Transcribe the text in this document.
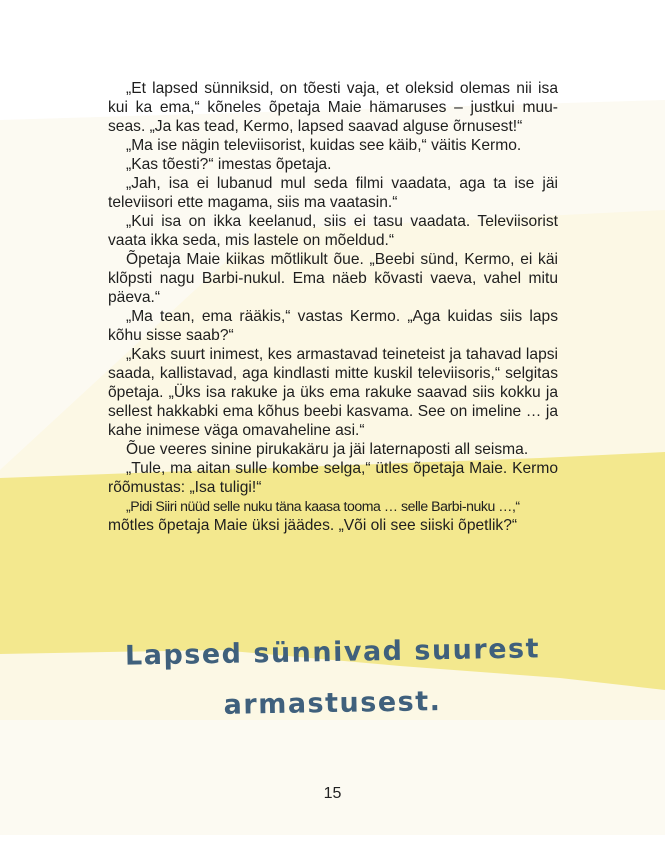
„Et lapsed sünniksid, on tõesti vaja, et oleksid olemas nii isa kui ka ema,“ kõneles õpetaja Maie hämaruses – justkui muu-seas. „Ja kas tead, Kermo, lapsed saavad alguse õrnusest!“

„Ma ise nägin televiisorist, kuidas see käib,“ väitis Kermo.

„Kas tõesti?“ imestas õpetaja.

„Jah, isa ei lubanud mul seda filmi vaadata, aga ta ise jäi televiisori ette magama, siis ma vaatasin.“

„Kui isa on ikka keelanud, siis ei tasu vaadata. Televiisorist vaata ikka seda, mis lastele on mõeldud.“

Õpetaja Maie kiikas mõtlikult õue. „Beebi sünd, Kermo, ei käi klõpsti nagu Barbi-nukul. Ema näeb kõvasti vaeva, vahel mitu päeva.“

„Ma tean, ema rääkis,“ vastas Kermo. „Aga kuidas siis laps kõhu sisse saab?“

„Kaks suurt inimest, kes armastavad teineteist ja tahavad lapsi saada, kallistavad, aga kindlasti mitte kuskil televiisoris,“ selgitas õpetaja. „Üks isa rakuke ja üks ema rakuke saavad siis kokku ja sellest hakkabki ema kõhus beebi kasvama. See on imeline … ja kahe inimese väga omavaheline asi.“

Õue veeres sinine pirukakäru ja jäi laternaposti all seisma.

„Tule, ma aitan sulle kombe selga,“ ütles õpetaja Maie. Kermo rõõmustas: „Isa tuligi!“

„Pidi Siiri nüüd selle nuku täna kaasa tooma … selle Barbi-nuku …,“

mõtles õpetaja Maie üksi jäädes. „Või oli see siiski õpetlik?“

Lapsed sünnivad suurest
armastusest.
15
